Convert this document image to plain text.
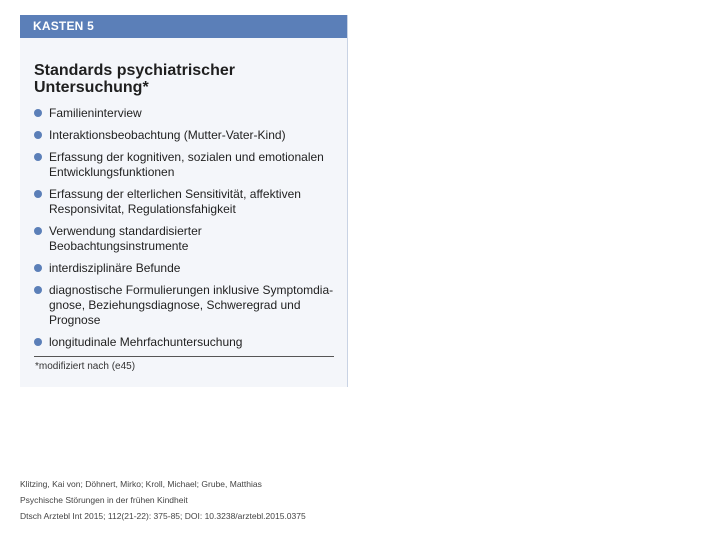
KASTEN 5
Standards psychiatrischer
Untersuchung*
Familieninterview
Interaktionsbeobachtung (Mutter-Vater-Kind)
Erfassung der kognitiven, sozialen und emotionalen Entwicklungsfunktionen
Erfassung der elterlichen Sensitivität, affektiven Responsivitat, Regulationsfahigkeit
Verwendung standardisierter Beobachtungsinstrumente
interdisziplinäre Befunde
diagnostische Formulierungen inklusive Symptomdia-gnose, Beziehungsdiagnose, Schweregrad und Prognose
longitudinale Mehrfachuntersuchung
*modifiziert nach (e45)
Klitzing, Kai von; Döhnert, Mirko; Kroll, Michael; Grube, Matthias
Psychische Störungen in der frühen Kindheit
Dtsch Arztebl Int 2015; 112(21-22): 375-85; DOI: 10.3238/arztebl.2015.0375
